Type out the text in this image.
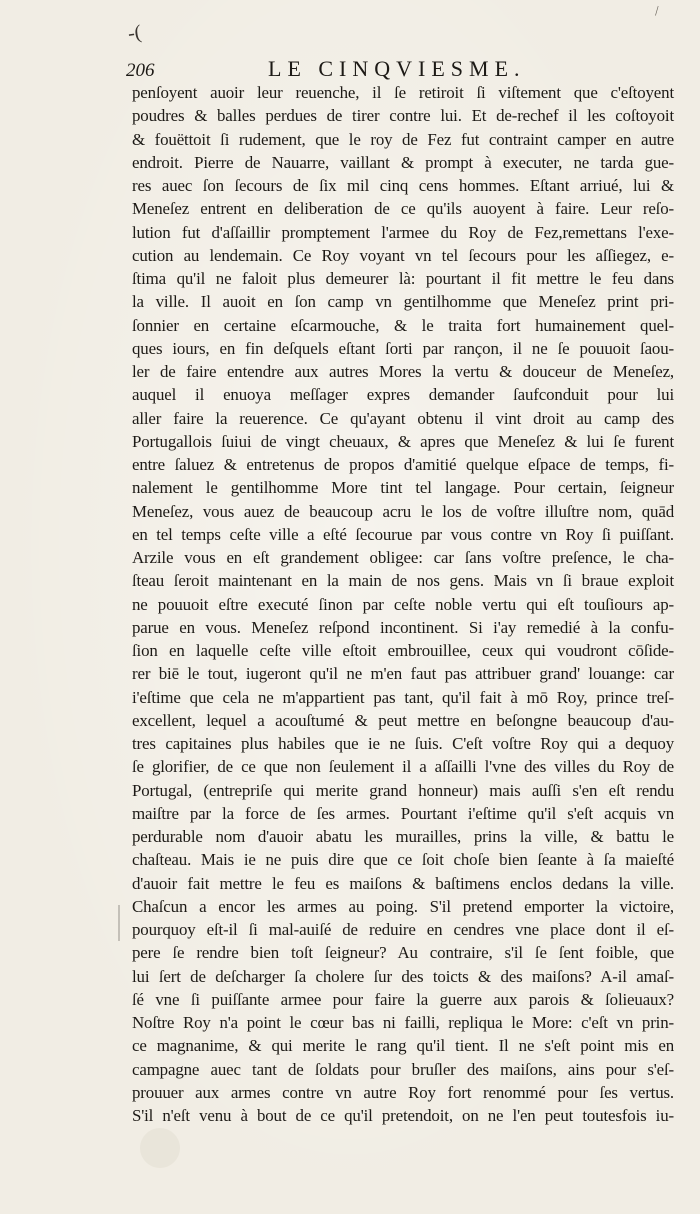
\
-(
206	LE CINQVIESME.
penſoyent auoir leur reuenche, il ſe retiroit ſi viſtement que c'eſtoyent
poudres & balles perdues de tirer contre lui. Et de-rechef il les coſtoyoit
& fouëttoit ſi rudement, que le roy de Fez fut contraint camper en autre
endroit. Pierre de Nauarre, vaillant & prompt à executer, ne tarda gue-
res auec ſon ſecours de ſix mil cinq cens hommes. Eſtant arriué, lui &
Meneſez entrent en deliberation de ce qu'ils auoyent à faire. Leur reſo-
lution fut d'aſſaillir promptement l'armee du Roy de Fez,remettans l'exe-
cution au lendemain. Ce Roy voyant vn tel ſecours pour les aſſiegez, e-
ſtima qu'il ne faloit plus demeurer là: pourtant il fit mettre le feu dans
la ville. Il auoit en ſon camp vn gentilhomme que Meneſez print pri-
ſonnier en certaine eſcarmouche, & le traita fort humainement quel-
ques iours, en fin deſquels eſtant ſorti par rançon, il ne ſe pouuoit ſaou-
ler de faire entendre aux autres Mores la vertu & douceur de Meneſez,
auquel il enuoya meſſager expres demander ſaufconduit pour lui
aller faire la reuerence. Ce qu'ayant obtenu il vint droit au camp des
Portugallois ſuiui de vingt cheuaux, & apres que Meneſez & lui ſe furent
entre ſaluez & entretenus de propos d'amitié quelque eſpace de temps, fi-
nalement le gentilhomme More tint tel langage. Pour certain, ſeigneur
Meneſez, vous auez de beaucoup acru le los de voſtre illuſtre nom, quād
en tel temps ceſte ville a eſté ſecourue par vous contre vn Roy ſi puiſſant.
Arzile vous en eſt grandement obligee: car ſans voſtre preſence, le cha-
ſteau ſeroit maintenant en la main de nos gens. Mais vn ſi braue exploit
ne pouuoit eſtre executé ſinon par ceſte noble vertu qui eſt touſiours ap-
parue en vous. Meneſez reſpond incontinent. Si i'ay remedié à la confu-
ſion en laquelle ceſte ville eſtoit embrouillee, ceux qui voudront cōſide-
rer biē le tout, iugeront qu'il ne m'en faut pas attribuer grand' louange: car
i'eſtime que cela ne m'appartient pas tant, qu'il fait à mō Roy, prince treſ-
excellent, lequel a acouſtumé & peut mettre en beſongne beaucoup d'au-
tres capitaines plus habiles que ie ne ſuis. C'eſt voſtre Roy qui a dequoy
ſe glorifier, de ce que non ſeulement il a aſſailli l'vne des villes du Roy de
Portugal, (entrepriſe qui merite grand honneur) mais auſſi s'en eſt rendu
maiſtre par la force de ſes armes. Pourtant i'eſtime qu'il s'eſt acquis vn
perdurable nom d'auoir abatu les murailles, prins la ville, & battu le
chaſteau. Mais ie ne puis dire que ce ſoit choſe bien ſeante à ſa maieſté
d'auoir fait mettre le feu es maiſons & baſtimens enclos dedans la ville.
Chaſcun a encor les armes au poing. S'il pretend emporter la victoire,
pourquoy eſt-il ſi mal-auiſé de reduire en cendres vne place dont il eſ-
pere ſe rendre bien toſt ſeigneur? Au contraire, s'il ſe ſent foible, que
lui ſert de deſcharger ſa cholere ſur des toicts & des maiſons? A-il amaſ-
ſé vne ſi puiſſante armee pour faire la guerre aux parois & ſolieuaux?
Noſtre Roy n'a point le cœur bas ni failli, repliqua le More: c'eſt vn prin-
ce magnanime, & qui merite le rang qu'il tient. Il ne s'eſt point mis en
campagne auec tant de ſoldats pour bruſler des maiſons, ains pour s'eſ-
prouuer aux armes contre vn autre Roy fort renommé pour ſes vertus.
S'il n'eſt venu à bout de ce qu'il pretendoit, on ne l'en peut toutesfois iu-
